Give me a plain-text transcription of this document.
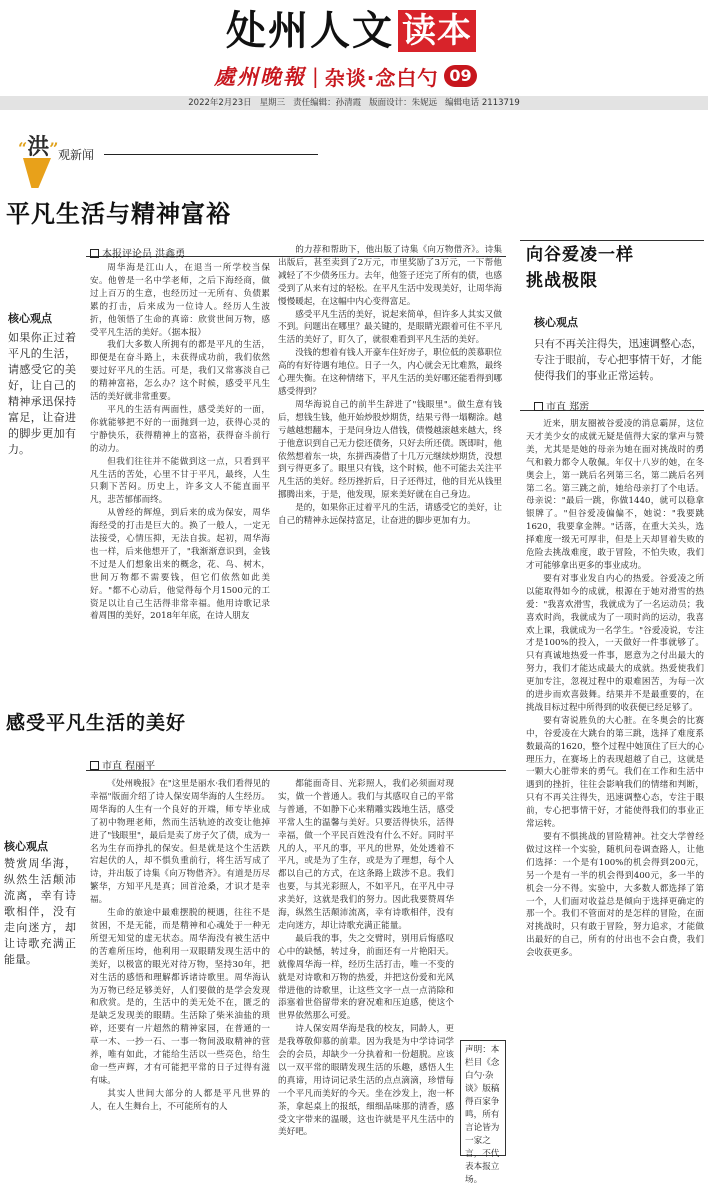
处州人文 读本
處州晚報 | 杂谈·念白勺 09
2022年2月23日 星期三 责任编辑：孙清霞 版面设计：朱妮远 编辑电话 2113719
“洪” 观新闻
平凡生活与精神富裕
本报评论员 洪鑫勇
核心观点
如果你正过着平凡的生活，请感受它的美好，让自己的精神承迅保持富足，让奋进的脚步更加有力。

周华海是江山人，在退当一所学校当保安。他曾是一名中学老师，之后下海经商，做过上百万的生意，也经历过一无所有、负债累累的打击，后来成为一位诗人。经历人生波折，他领悟了生命的真谛：欣赏世间万物，感受平凡生活的美好。（据本报）

我们大多数人所拥有的都是平凡的生活，即便是在奋斗路上，未获得成功前，我们依然要过好平凡的生活。可是，我们又常寡淡自己的精神富裕，怎么办？这个时候，感受平凡生活的美好就非常重要。

平凡的生活有两面性，感受美好的一面，你就能够把不好的一面抛到一边，获得心灵的宁静快乐，获得精神上的富裕，获得奋斗前行的动力。

但我们往往并不能做到这一点，只看到平凡生活的苦处，心里不甘于平凡，最终，人生只剩下苦闷。历史上，许多文人不能直面平凡，悲苦郁郁而终。

从曾经的辉煌，到后来的成为保安，周华海经受的打击是巨大的。换了一般人，一定无法接受，心情压抑，无法自拔。起初，周华海也一样，后来他想开了，"我渐渐意识到，金钱不过是人们想象出来的概念，花、鸟、树木，世间万物都不需要钱，但它们依然如此美好。"都不心动后，他觉得每个月1500元的工资足以让自己生活得非常幸福。他用诗歌记录着周围的美好，2018年年底，在诗人朋友

的力荐和帮助下，他出版了诗集《向万物借齐》。诗集出版后，甚至卖到了2万元，市里奖励了3万元，一下帮他减轻了不少债务压力。去年，他签子还完了所有的债，也感受到了从来有过的轻松。在平凡生活中发现美好，让周华海慢慢暖起，在这幅中内心变得富足。

感受平凡生活的美好，说起来简单，但许多人其实又做不到。问题出在哪里？最关键的，是眼睛光跟着可住不平凡生活的美好了，盯久了，就很难看到平凡生活的美好。

没钱的想着有钱人开豪车住好房子，职位低的羡慕职位高的有好待遇有地位。日子一久，内心就会无比难熬，最终心理失衡。在这种情绪下，平凡生活的美好哪还能看得到哪感受得到？

周华海说自己的前半生辞进了"钱眼里"。做生意有钱后，想钱生钱，他开始炒股炒期货，结果亏得一塌糊涂。越亏越越想翻本，于是问身边人借钱，债慢越滚越来越大，终于他意识到自己无力偿还债务，只好去所还债。既即时，他依然想着东一块，东拼西凑借了十几万元继续炒期货，没想到亏得更多了。眼里只有钱，这个时候，他不可能去关注平凡生活的美好。经历挫折后，日子还得过，他的目光从钱里挪腾出来，于是，他发现，原来美好就在自己身边。

是的，如果你正过着平凡的生活，请感受它的美好，让自己的精神永远保持富足，让奋进的脚步更加有力。

感受平凡生活的美好
市直 程丽平
核心观点
赞赏周华海，纵然生活颠沛流离，幸有诗歌相伴，没有走向迷方，却让诗歌充满正能量。

《处州晚报》在"这里是丽水·我们看得见的幸福"版面介绍了诗人保安周华海的人生经历。周华海的人生有一个良好的开端，师专毕业成了初中物理老师，然而生活轨迹的改变让他掉进了"钱眼里"，最后是卖了房子欠了债，成为一名为生存而挣扎的保安。但是就是这个生活跌宕起伏的人，却不惧负重前行，将生活写成了诗，并出版了诗集《向万物借齐》。有道是历尽繁华，方知平凡是真；回首沧桑，才识才是幸福。

生命的旅途中最难摆脱的梗遇，往往不是贫困，不是无能，而是精神和心魂处于一种无所望无知觉的虚无状态。周华海没有被生活中的苦难所压垮，他利用一双眼睛发现生活中的美好，以极富的眼光对待万物，坚持30年，把对生活的感悟和理解都诉诸诗歌里。周华海认为万物已经足够美好，人们要做的是学会发现和欣赏。是的，生活中的美无处不在，匮乏的是缺乏发现美的眼睛。生活除了柴米油盐的琐碎，还要有一片超然的精神家园，在普通的一草一木、一抄一石、一事一物间汲取精神的营养，唯有如此，才能给生活以一些亮色，给生命一些声辉，才有可能把平常的日子过得有滋有味。

其实人世间大部分的人都是平凡世界的人，在人生舞台上，不可能所有的人

都能面奇目、光彩照人，我们必须面对现实，做一个普通人。我们与其感叹自己的平常与普通，不如静下心来精雕实践地生活，感受平常人生的温馨与美好。只要活得快乐，活得幸福，做一个平民百姓没有什么不好。同时平凡的人，平凡的事，平凡的世界，处处透着不平凡，或是为了生存，或是为了理想，每个人都以自己的方式，在这条路上跋涉不息。我们也要，与其光彩照人，不如平凡，在平凡中寻求美好，这就是我们的努力。因此我要赞周华海，纵然生活颠沛流离，幸有诗歌相伴，没有走向迷方，却让诗歌充满正能量。

最后我的事，失之交臂时，别用后悔感叹心中的缺憾，转过身，前面还有一片艳阳天。就像周华海一样，经历生活打击，唯一不变的就是对诗歌和万物的热爱，并把这份爱和光风带进他的诗歌里，让这些文字一点一点消除和添塞着世俗留带来的窘况难和压迫感，使这个世界依然那么可爱。

诗人保安周华海是我的校友，同龄人，更是我尊敬仰慕的前辈。因为我是为中学诗词学会的会员，却缺少一分执着和一份超脱。应该以一双平常的眼睛发现生活的乐趣，感悟人生的真谛，用诗词记录生活的点点滴滴，珍惜每一个平凡而美好的今天。坐在沙发上，泡一杯茶，拿起桌上的报纸，细细品味那的清香，感受文字带来的温暖，这也许就是平凡生活中的美好吧。

声明：本栏目《念白勺·杂谈》版稿得百家争鸣，所有言论皆为一家之言，不代表本报立场。
向谷爱凌一样
挑战极限
核心观点
只有不再关注得失，迅速调整心态，专注于眼前，专心把事情干好，才能使得我们的事业正常运转。
市直 郑雳

近来，朋友圈被谷爱凌的消息霸屏，这位天才美少女的成就无疑是值得大家的掌声与赞美，尤其是是她的母亲为她在面对挑战时的勇气和毅力都令人敬佩。年仅十八岁的她，在冬奥会上，第一跳后名列第三名，第二跳后名列第二名。第三跳之前，她给母亲打了个电话。母亲说："最后一跳，你做1440，就可以稳拿银牌了。"但谷爱凌偏偏不，她说："我要跳1620，我要拿金牌。"话落，在重大关头，选择难度一级无可厚非，但是上天却冒着失败的危险去挑战难度，敢于冒险，不怕失败，我们才可能够拿出更多的事业成功。

要有对事业发自内心的热爱。谷爱凌之所以能取得如今的成就，根源在于她对滑雪的热爱："我喜欢滑雪，我就成为了一名运动员；我喜欢时尚，我就成为了一项时尚的运动，我喜欢上课，我就成为一名学生。"谷爱凌说，专注才是100%的投入，一天做好一件事就够了。只有真诚地热爱一件事，愿意为之付出最大的努力，我们才能达成最大的成就。热爱使我们更加专注，忽视过程中的艰难困苦，为每一次的进步而欢喜鼓舞。结果并不是最重要的，在挑战目标过程中所得到的收获便已经足够了。

要有寄说胜负的大心脏。在冬奥会的比赛中，谷爱凌在大跳台的第三跳，选择了难度系数最高的1620，整个过程中她顶住了巨大的心理压力，在赛场上的表现超越了自己，这就是一颗大心脏带来的勇气。我们在工作和生活中遇到的挫折，往往会影响我们的情绪和判断，只有不再关注得失，迅速调整心态，专注于眼前，专心把事情干好，才能使得我们的事业正常运转。

要有不惧挑战的冒险精神。社交大学曾经做过这样一个实验，随机问卷调查路人，让他们选择：一个是有100%的机会得到200元，另一个是有一半的机会得到400元，多一半的机会一分不得。实验中，大多数人都选择了第一个，人们面对收益总是倾向于选择更确定的那一个。我们不管面对的是怎样的冒险，在面对挑战时，只有敢于冒险，努力追求，才能做出最好的自己，所有的付出也不会白费，我们会收获更多。
